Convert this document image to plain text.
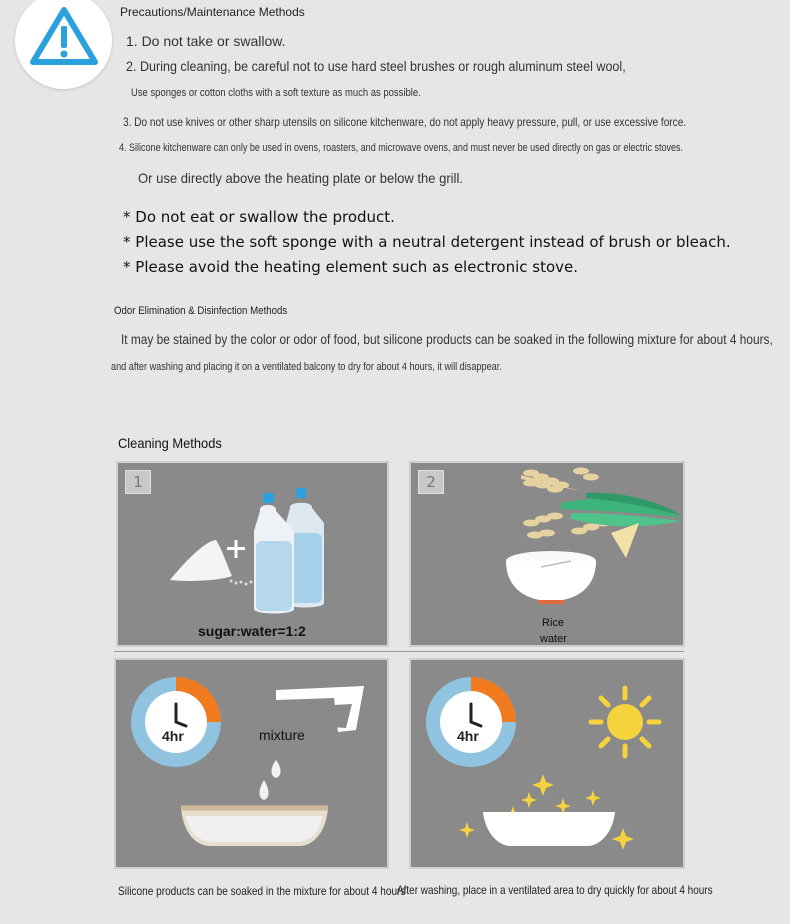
Precautions/Maintenance Methods
1. Do not take or swallow.
2. During cleaning, be careful not to use hard steel brushes or rough aluminum steel wool,
Use sponges or cotton cloths with a soft texture as much as possible.
3. Do not use knives or other sharp utensils on silicone kitchenware, do not apply heavy pressure, pull, or use excessive force.
4. Silicone kitchenware can only be used in ovens, roasters, and microwave ovens, and must never be used directly on gas or electric stoves.
Or use directly above the heating plate or below the grill.
* Do not eat or swallow the product.
* Please use the soft sponge with a neutral detergent instead of brush or bleach.
* Please avoid the heating element such as electronic stove.
Odor Elimination & Disinfection Methods
It may be stained by the color or odor of food, but silicone products can be soaked in the following mixture for about 4 hours,
and after washing and placing it on a ventilated balcony to dry for about 4 hours, it will disappear.
Cleaning Methods
1
sugar:water=1:2
2
Rice
water
4hr	mixture	4hr
Silicone products can be soaked in the mixture for about 4 hours
After washing, place in a ventilated area to dry quickly for about 4 hours
